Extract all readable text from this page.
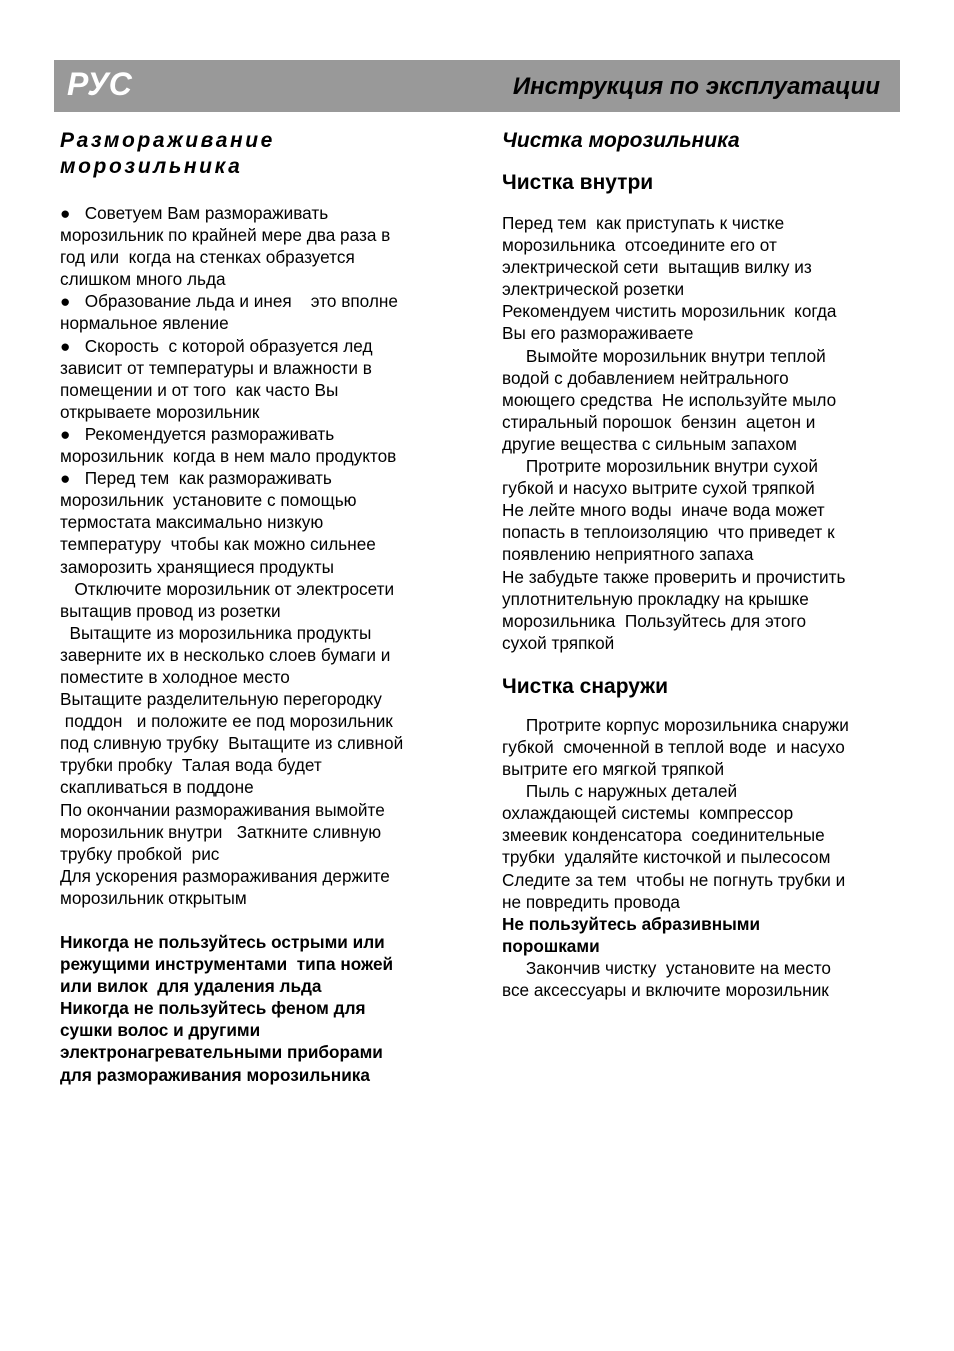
РУС	Инструкция по эксплуатации
Размораживание
морозильника
●   Советуем Вам размораживать
морозильник по крайней мере два раза в
год или  когда на стенках образуется
слишком много льда
●   Образование льда и инея    это вполне
нормальное явление
●   Скорость  с которой образуется лед
зависит от температуры и влажности в
помещении и от того  как часто Вы
открываете морозильник
●   Рекомендуется размораживать
морозильник  когда в нем мало продуктов
●   Перед тем  как размораживать
морозильник  установите с помощью
термостата максимально низкую
температуру  чтобы как можно сильнее
заморозить хранящиеся продукты
Отключите морозильник от электросети
вытащив провод из розетки
Вытащите из морозильника продукты
заверните их в несколько слоев бумаги и
поместите в холодное место
Вытащите разделительную перегородку
поддон   и положите ее под морозильник
под сливную трубку  Вытащите из сливной
трубки пробку  Талая вода будет
скапливаться в поддоне
По окончании размораживания вымойте
морозильник внутри   Заткните сливную
трубку пробкой  рис
Для ускорения размораживания держите
морозильник открытым
Никогда не пользуйтесь острыми или
режущими инструментами  типа ножей
или вилок  для удаления льда
Никогда не пользуйтесь феном для
сушки волос и другими
электронагревательными приборами
для размораживания морозильника
Чистка морозильника
Чистка внутри
Перед тем  как приступать к чистке
морозильника  отсоедините его от
электрической сети  вытащив вилку из
электрической розетки
Рекомендуем чистить морозильник  когда
Вы его размораживаете
Вымойте морозильник внутри теплой
водой с добавлением нейтрального
моющего средства  Не используйте мыло
стиральный порошок  бензин  ацетон и
другие вещества с сильным запахом
Протрите морозильник внутри сухой
губкой и насухо вытрите сухой тряпкой
Не лейте много воды  иначе вода может
попасть в теплоизоляцию  что приведет к
появлению неприятного запаха
Не забудьте также проверить и прочистить
уплотнительную прокладку на крышке
морозильника  Пользуйтесь для этого
сухой тряпкой
Чистка снаружи
Протрите корпус морозильника снаружи
губкой  смоченной в теплой воде  и насухо
вытрите его мягкой тряпкой
Пыль с наружных деталей
охлаждающей системы  компрессор
змеевик конденсатора  соединительные
трубки  удаляйте кисточкой и пылесосом
Следите за тем  чтобы не погнуть трубки и
не повредить провода
Не пользуйтесь абразивными
порошками
Закончив чистку  установите на место
все аксессуары и включите морозильник
